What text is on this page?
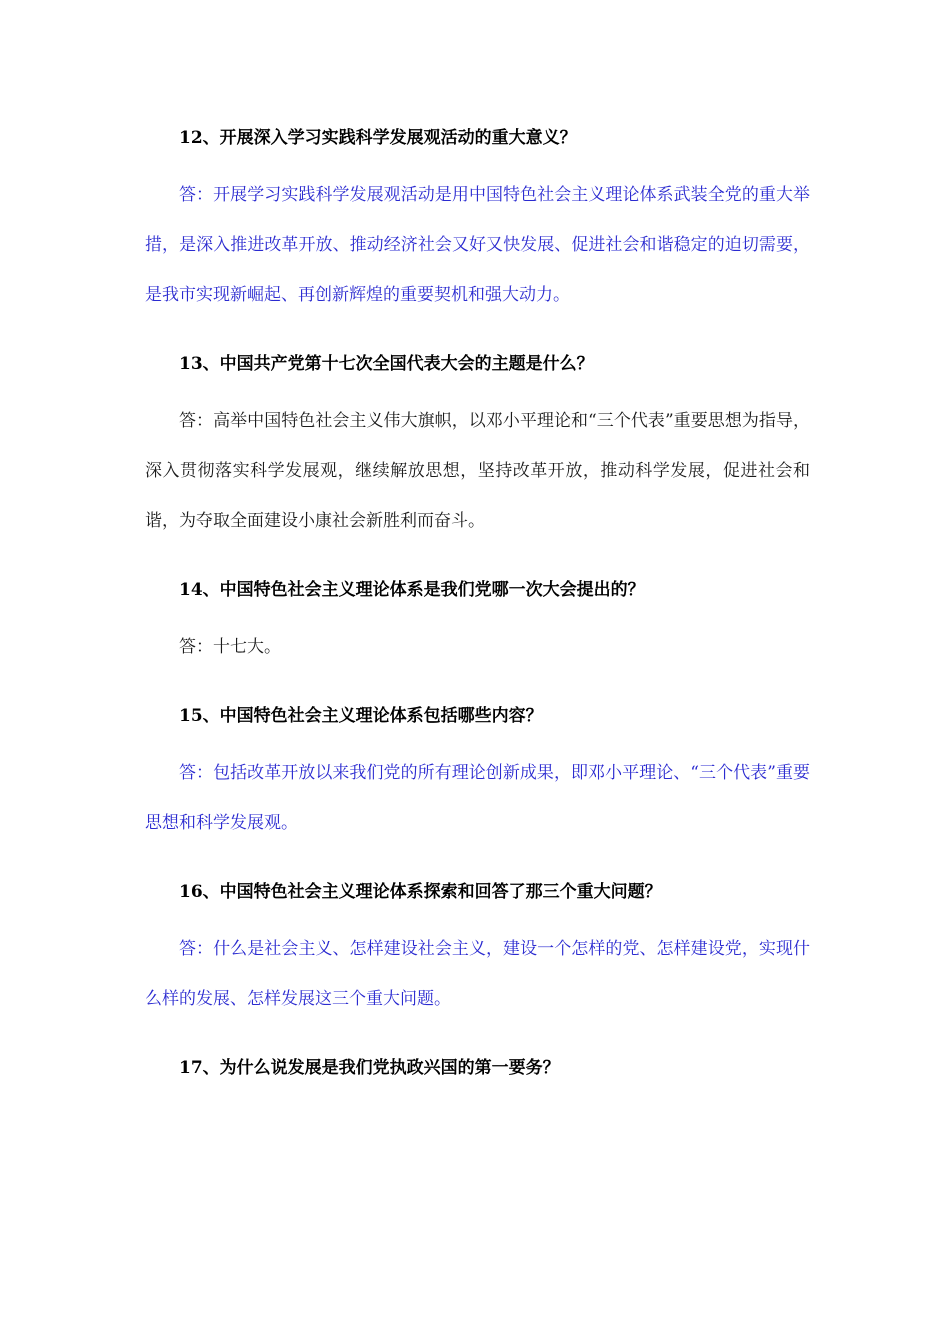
12、开展深入学习实践科学发展观活动的重大意义？

答：开展学习实践科学发展观活动是用中国特色社会主义理论体系武装全党的重大举措，是深入推进改革开放、推动经济社会又好又快发展、促进社会和谐稳定的迫切需要，是我市实现新崛起、再创新辉煌的重要契机和强大动力。

13、中国共产党第十七次全国代表大会的主题是什么？

答：高举中国特色社会主义伟大旗帜，以邓小平理论和“三个代表”重要思想为指导，深入贯彻落实科学发展观，继续解放思想，坚持改革开放，推动科学发展，促进社会和谐，为夺取全面建设小康社会新胜利而奋斗。

14、中国特色社会主义理论体系是我们党哪一次大会提出的？

答：十七大。

15、中国特色社会主义理论体系包括哪些内容？

答：包括改革开放以来我们党的所有理论创新成果，即邓小平理论、“三个代表”重要思想和科学发展观。

16、中国特色社会主义理论体系探索和回答了那三个重大问题？

答：什么是社会主义、怎样建设社会主义，建设一个怎样的党、怎样建设党，实现什么样的发展、怎样发展这三个重大问题。

17、为什么说发展是我们党执政兴国的第一要务？
